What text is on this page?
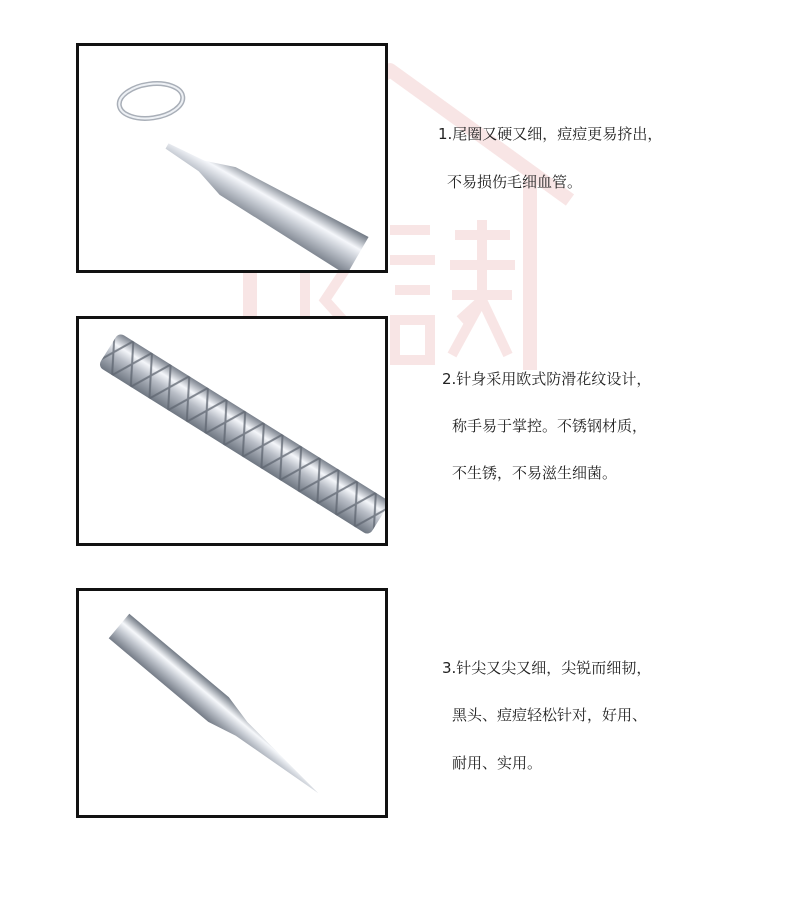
1.尾圈又硬又细，痘痘更易挤出，
不易损伤毛细血管。
2.针身采用欧式防滑花纹设计，
称手易于掌控。不锈钢材质，
不生锈，不易滋生细菌。
3.针尖又尖又细，尖锐而细韧，
黑头、痘痘轻松针对，好用、
耐用、实用。
